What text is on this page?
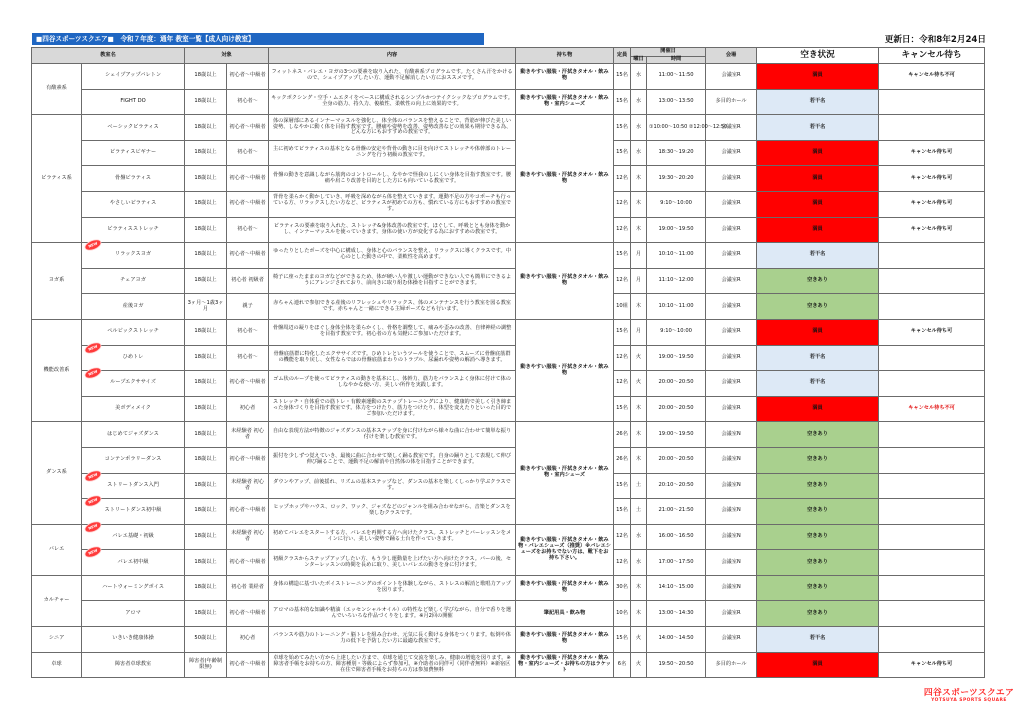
■四谷スポーツスクエア■　令和７年度：通年 教室一覧【成人向け教室】	更新日：令和8年2月24日
教室名		対象		内容	持ち物	定員	開催日		会場	空き状況	キャンセル待ち
							曜日	時間			
有酸素系	シェイプアップバレトン	18歳以上	初心者〜中級者	フィットネス・バレエ・ヨガの3つの要素を取り入れた、有酸素系プログラムです。たくさん汗をかけるので、シェイプアップしたい方、運動不足解消したい方におススメです。	動きやすい服装・汗拭きタオル・飲み物	15名	水	11:00〜11:50	会議室R	満員	キャンセル待ち不可
	FIGHT DO	18歳以上	初心者〜	キックボクシング・空手・ムエタイをベースに構成されるシンプルかつテイクシックなプログラムです。全身の筋力、持久力、俊敏性、柔軟性の向上に効果的です。	動きやすい服装・汗拭きタオル・飲み物・室内シューズ	15名	水	13:00〜13:50	多目的ホール	若干名	
ピラティス系	ベーシックピラティス	18歳以上	初心者〜中級者	体の深層部にあるインナーマッスルを強化し、体全体のバランスを整えることで、背筋が伸びた美しい姿勢、しなやかに動く体を目指す教室です。腰痛や姿勢を改善、姿勢改善などの効果も期待できる為、どんな方にもおすすめの教室です。	動きやすい服装・汗拭きタオル・飲み物	15名	水	①10:00〜10:50 ②12:00〜12:50	会議室R	若干名	
	ピラティスビギナー	18歳以上	初心者〜	主に初めてピラティスの基本となる骨盤の安定や背骨の動きに目を向けてストレッチや体幹部のトレーニングを行う初級の教室です。		15名	水	18:30〜19:20	会議室R	満員	キャンセル待ち可
	骨盤ピラティス	18歳以上	初心者〜中級者	骨盤の動きを意識しながら筋肉のコントロールし、なやかで怪我のしにくい身体を目指す教室です。腰痛や肩こり改善を目的とした方にも向いている教室です。		12名	木	19:30〜20:20	会議室R	満員	キャンセル待ち可
	やさしいピラティス	18歳以上	初心者〜中級者	背骨を柔らかく動かしていき、呼吸を深めながら体を整えていきます。運動不足の方やコポーチも行っている方、リラックスしたい方など、ピラティスが初めての方も、慣れている方にもおすすめの教室です。		12名	木	9:10〜10:00	会議室R	満員	キャンセル待ち可
	ピラティスストレッチ	18歳以上	初心者〜	ピラティスの要素を取り入れた、ストレッチ&身体改善の教室です。ほぐして、呼吸ととも身体を動かし、インナーマッスルを使っていきます。身体の使い方が変化する為におすすめの教室です。		12名	木	19:00〜19:50	会議室R	満員	キャンセル待ち可
ヨガ系	NEW
リラックスヨガ	18歳以上	初心者〜中級者	ゆったりとしたポーズを中心に構成し、身体と心のバランスを整え、リラックスに導くクラスです。中心のとした動きの中で、柔軟性を高めます。	動きやすい服装・汗拭きタオル・飲み物	15名	月	10:10〜11:00	会議室R	若干名	
	チェアヨガ	18歳以上	初心者 初級者	椅子に座ったままのヨガなどができるため、体が硬い人や激しい運動ができない人でも簡単にできるようにアレンジされており、前向きに取り組む体操を目指すことができます。		12名	月	11:10〜12:00	会議室R	空きあり	
	産後ヨガ	3ヶ月〜1歳3ヶ月	親子	赤ちゃん連れで参加できる産後のリフレッシュやリラックス、体のメンテナンスを行う教室を図る教室です。赤ちゃんと一緒にできる主婦ポーズなども行います。		10組	木	10:10〜11:00	会議室R	空きあり	
機能改善系	ペルビックストレッチ	18歳以上	初心者〜	骨盤周辺の凝りをほぐし身体全体を柔らかくし、骨格を調整して、痛みや歪みの改善、自律神経の調整を目指す教室です。初心者の方も気軽にご参加いただけます。	動きやすい服装・汗拭きタオル・飲み物	15名	月	9:10〜10:00	会議室R	満員	キャンセル待ち可

	NEW
ひめトレ	18歳以上	初心者〜	骨盤底筋群に特化したエクササイズです。ひめトレというツールを使うことで、スムーズに骨盤底筋群の機能を取り戻し、女性ならではの骨盤底筋まわりのトラブル、尿漏れや姿勢の解消へ導きます。		12名	火	19:00〜19:50	会議室R	若干名	

	NEW
ループエクササイズ	18歳以上	初心者〜中級者	ゴム状のループを使ってピラティスの動きを基本にし、体幹力、筋力をバランスよく身体に付けて体のしなやかな使い方、美しい所作を実践します。		12名	火	20:00〜20:50	会議室R	若干名	
	美ボディメイク	18歳以上	初心者	ストレッチ・自体重での筋トレ・有酸素運動のステップトレーニングにより、健康的で美しく引き締まった身体づくりを目指す教室です。体力をつけたり、筋力をつけたり、体型を変えたりといった目的でご参加いただけます。		15名	木	20:00〜20:50	会議室R	満員	キャンセル待ち不可
ダンス系	はじめてジャズダンス	18歳以上	未経験者 初心者	自由な表現方法が特徴のジャズダンスの基本ステップを身に付けながら様々な曲に合わせて簡単な振り付けを楽しむ教室です。	動きやすい服装・汗拭きタオル・飲み物・室内シューズ	26名	木	19:00〜19:50	会議室N	空きあり	
	コンテンポラリーダンス	18歳以上	初心者〜中級者	振付を少しずつ覚えていき、最後に曲に合わせて楽しく踊る教室です。自身の踊りとして表現して伸び伸び踊ることで、運動不足の解消や自然体の体を目指すことができます。		26名	木	20:00〜20:50	会議室N	空きあり	

	NEW
ストリートダンス入門	18歳以上	未経験者 初心者	ダウンやアップ、前後揺れ、リズムの基本ステップなど、ダンスの基本を楽しくしっかり学ぶクラスです。		15名	土	20:10〜20:50	会議室N	空きあり	

	NEW
ストリートダンス初中級	18歳以上	初心者〜中級者	ヒップホップやハウス、ロック、ワック、ジャズなどのジャンルを組み合わせながら、音楽とダンスを楽しむクラスです。		15名	土	21:00〜21:50	会議室N	空きあり	
バレエ	NEW
バレエ基礎・初級	18歳以上	未経験者 初心者	初めてバレエをスタートする方、バレエを再開する方へ向けたクラス。ストレッチとバーレッスンをメインに行い、美しい姿勢で踊る土台を作っていきます。	動きやすい服装・汗拭きタオル・飲み物・バレエシューズ（推奨）※バレエシューズをお持ちでない方は、靴下をお持ち下さい。	12名	水	16:00〜16:50	会議室N	空きあり	

	NEW
バレエ初中級	18歳以上	初心者〜中級者	初級クラスからステップアップしたい方、もう少し運動量を上げたい方へ向けたクラス。バーの後、センターレッスンの時間を長めに取り、美しいバレエの動きを身に付けます。		12名	水	17:00〜17:50	会議室N	空きあり	
カルチャー	ハートウォーミングボイス	18歳以上	初心者 業経者	身体の構造に基づいたボイストレーニングのポイントを体験しながら、ストレスの解消と歌唱力アップを図ります。	動きやすい服装・汗拭きタオル・飲み物	30名	木	14:10〜15:00	会議室N	空きあり	
	アロマ	18歳以上	初心者〜中級者	アロマの基本的な知識や精油（エッセンシャルオイル）の特性など楽しく学びながら、自分で香りを選んでいろいろな作品づくりをします。※月2回の開催	筆記用具・飲み物	10名	木	13:00〜14:30	会議室R	空きあり	
シニア	いきいき健康体操	50歳以上	初心者	バランスや筋力のトレーニング・脳トレを組み合わせ、元気に長く動ける身体をつくります。転倒や体力の低下を予防したい方に最適な教室です。	動きやすい服装・汗拭きタオル・飲み物	15名	火	14:00〜14:50	会議室R	若干名	
卓球	障害者卓球教室	障害者(年齢制限無)	初心者〜中級者	卓球を始めてみたい方から上達したい方まで、卓球を通じて交流を楽しみ、健康の増進を図ります。※障害者手帳をお持ちの方、障害種別・等級によらず参加可。※介助者の同伴可（同伴者無料）※新宿区在住で障害者手帳をお持ちの方は参加費無料	動きやすい服装・汗拭きタオル・飲み物・室内シューズ・お持ちの方はラケット	6名	火	19:50〜20:50	多目的ホール	満員	キャンセル待ち可
四谷スポーツスクエア
YOTSUYA SPORTS SQUARE
